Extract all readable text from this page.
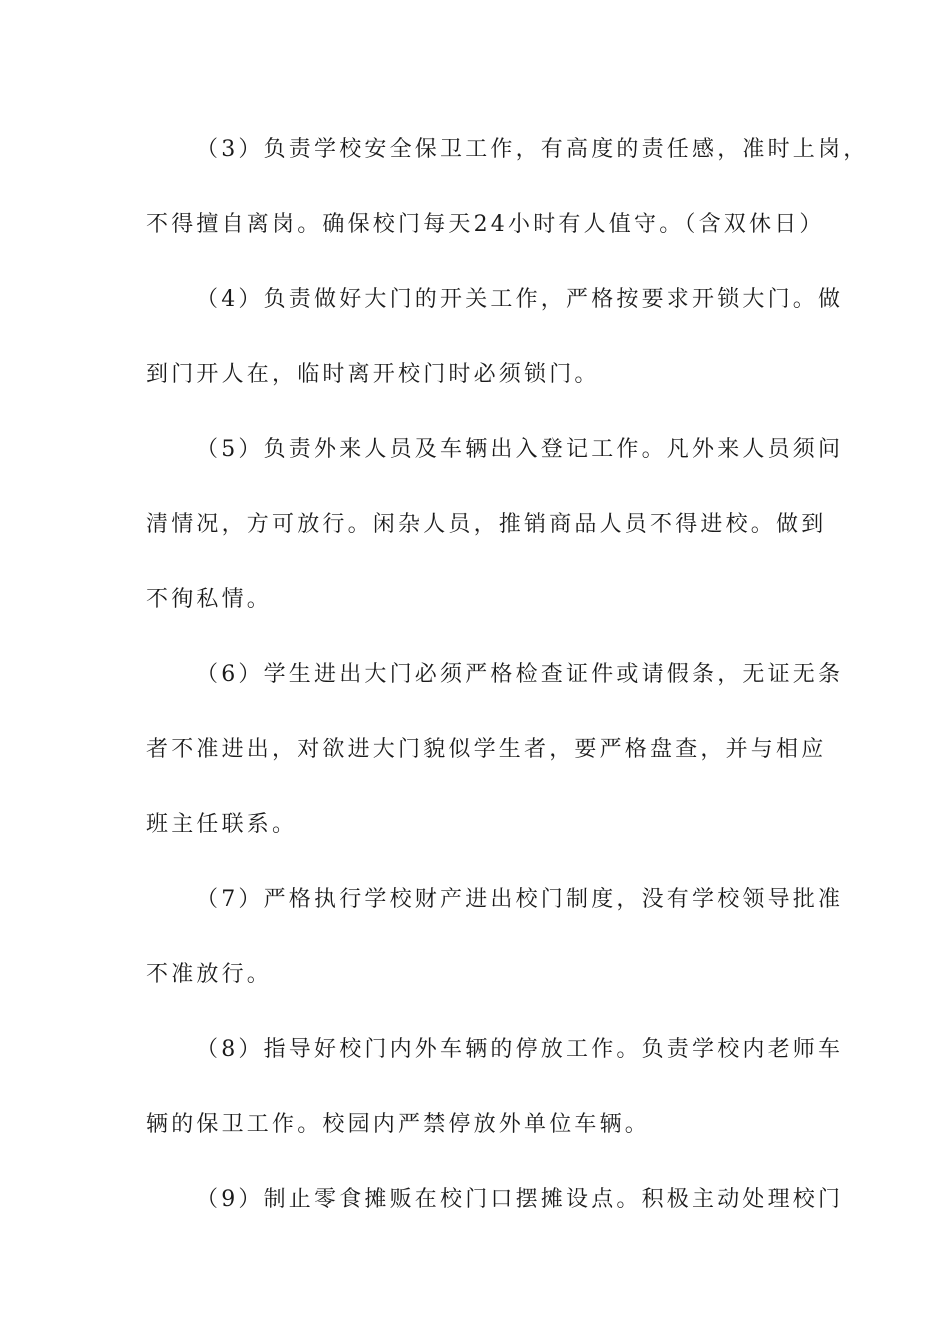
（3）负责学校安全保卫工作，有高度的责任感，准时上岗，
不得擅自离岗。确保校门每天24小时有人值守。（含双休日）
（4）负责做好大门的开关工作，严格按要求开锁大门。做
到门开人在，临时离开校门时必须锁门。
（5）负责外来人员及车辆出入登记工作。凡外来人员须问
清情况，方可放行。闲杂人员，推销商品人员不得进校。做到
不徇私情。
（6）学生进出大门必须严格检查证件或请假条，无证无条
者不准进出，对欲进大门貌似学生者，要严格盘查，并与相应
班主任联系。
（7）严格执行学校财产进出校门制度，没有学校领导批准
不准放行。
（8）指导好校门内外车辆的停放工作。负责学校内老师车
辆的保卫工作。校园内严禁停放外单位车辆。
（9）制止零食摊贩在校门口摆摊设点。积极主动处理校门
